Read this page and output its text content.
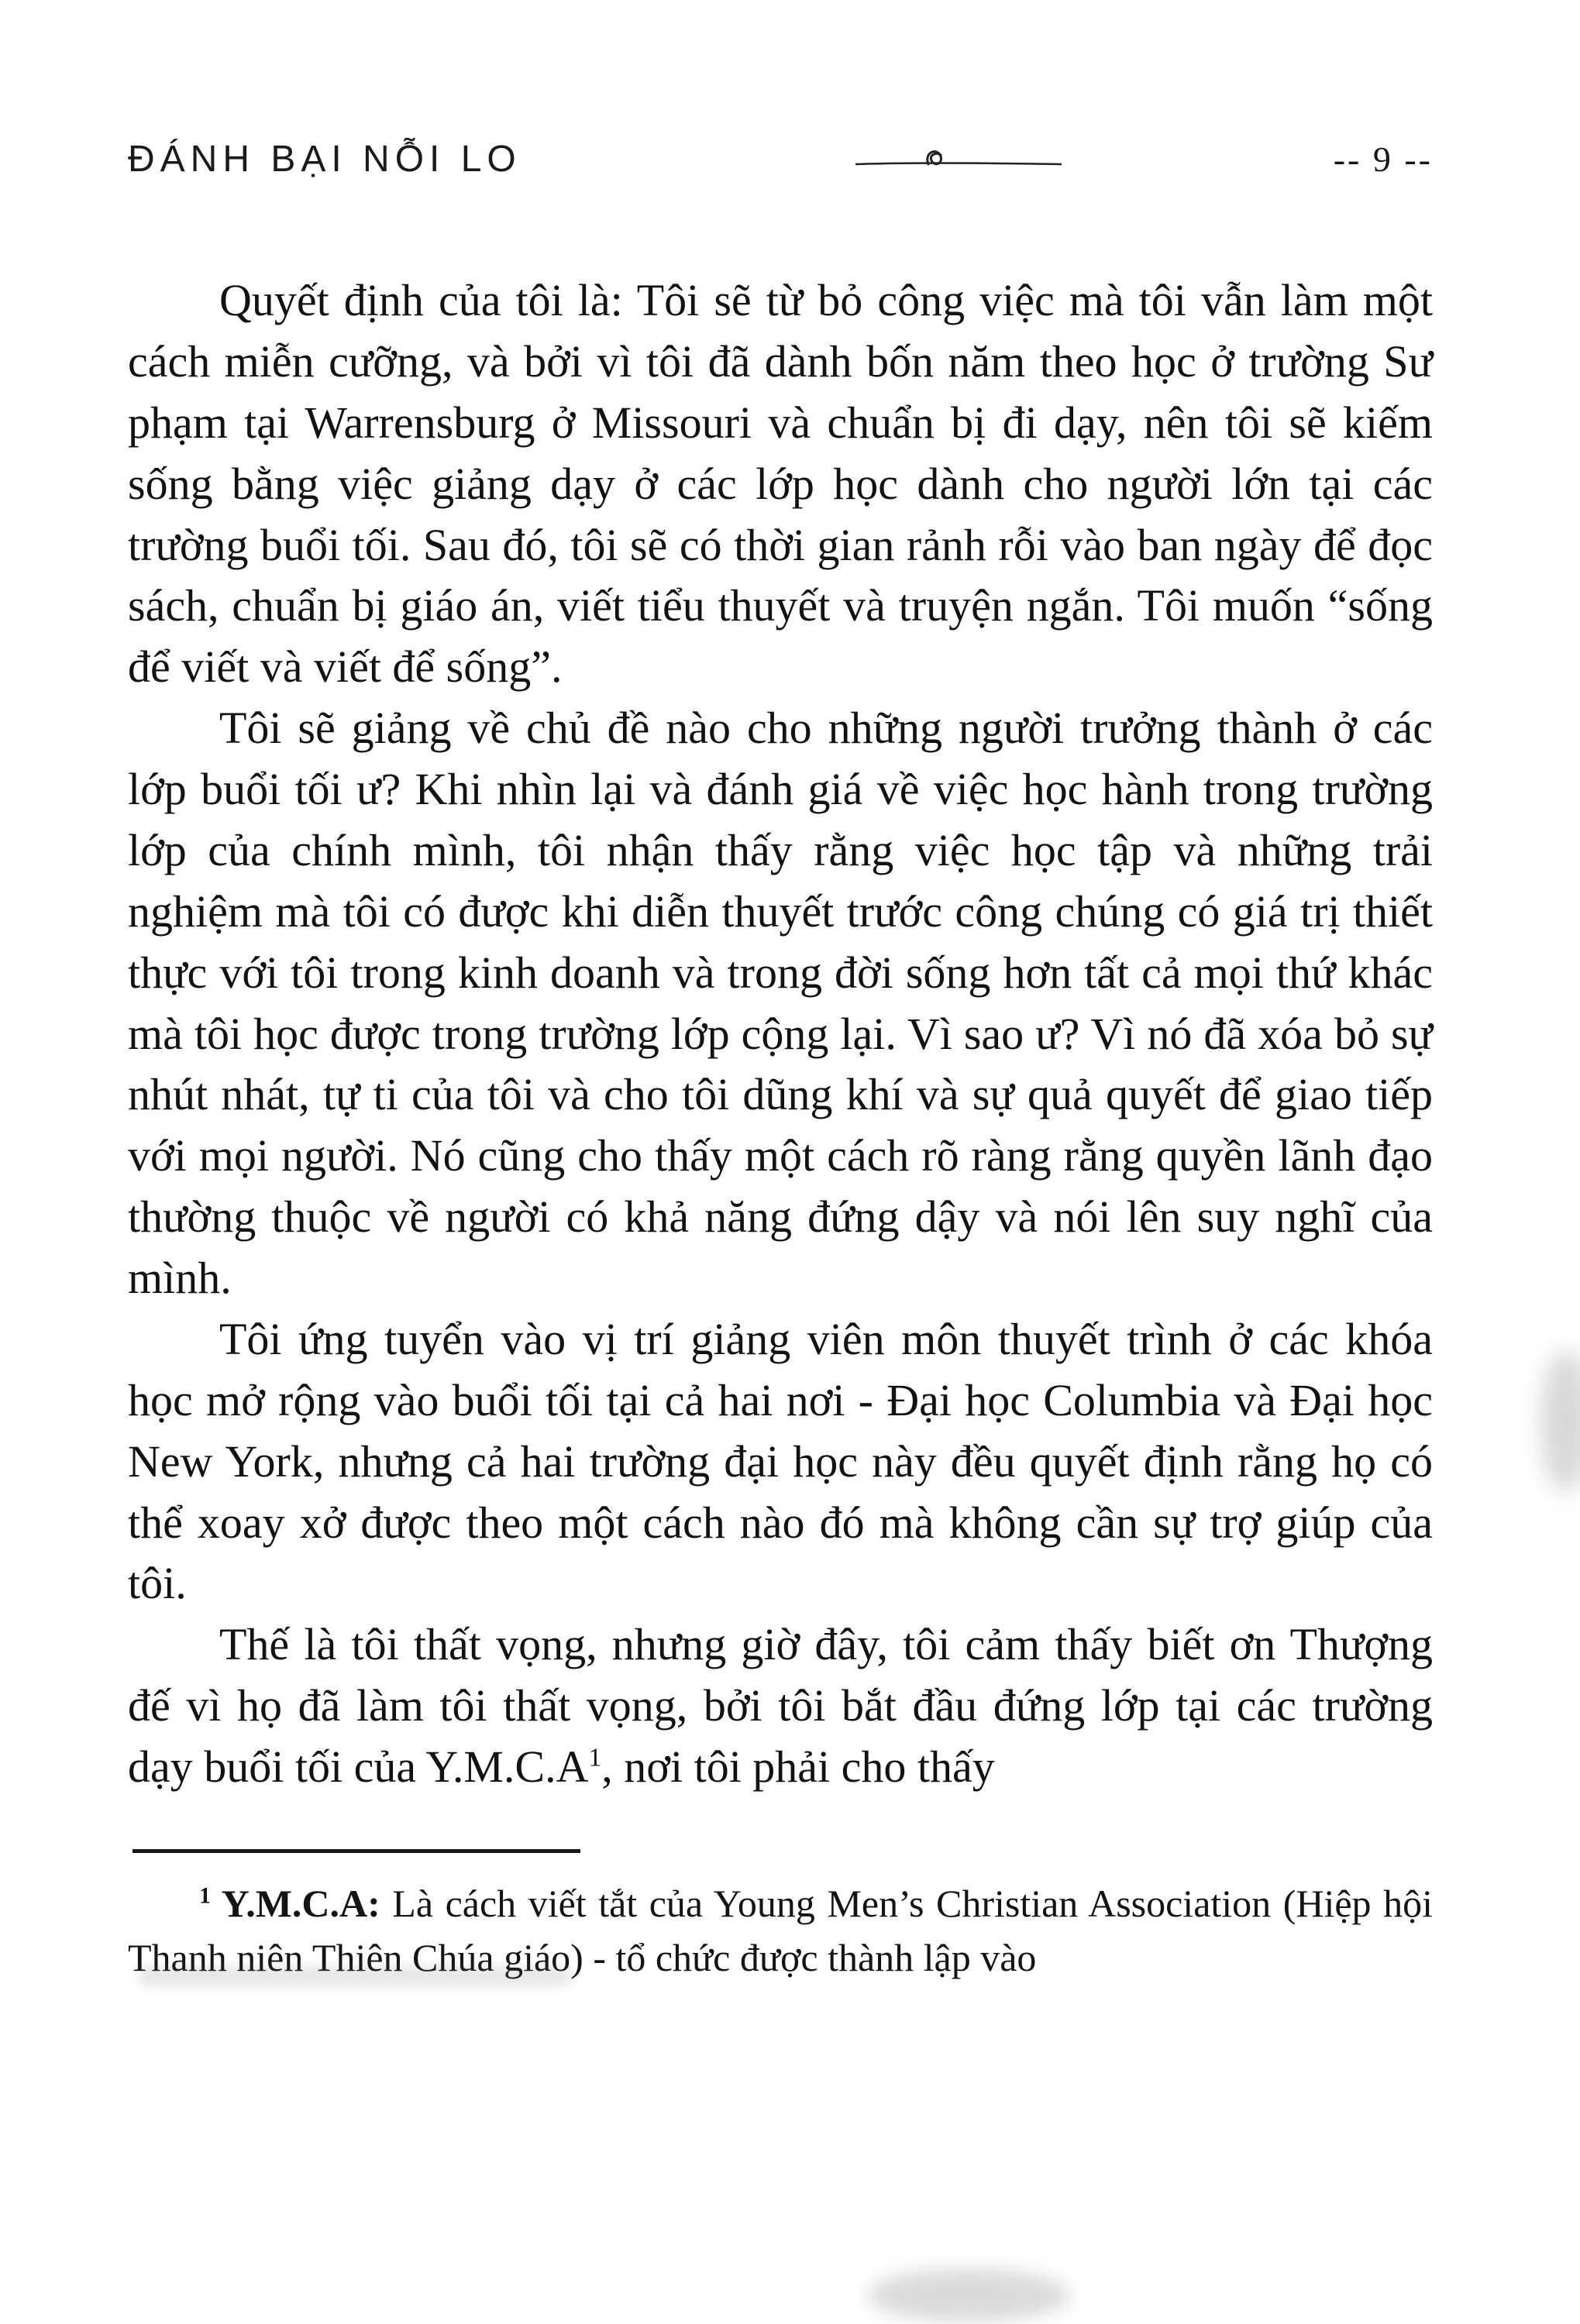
ĐÁNH BẠI NỖI LO	-- 9 --

Quyết định của tôi là: Tôi sẽ từ bỏ công việc mà tôi vẫn làm một cách miễn cưỡng, và bởi vì tôi đã dành bốn năm theo học ở trường Sư phạm tại Warrensburg ở Missouri và chuẩn bị đi dạy, nên tôi sẽ kiếm sống bằng việc giảng dạy ở các lớp học dành cho người lớn tại các trường buổi tối. Sau đó, tôi sẽ có thời gian rảnh rỗi vào ban ngày để đọc sách, chuẩn bị giáo án, viết tiểu thuyết và truyện ngắn. Tôi muốn “sống để viết và viết để sống”.

Tôi sẽ giảng về chủ đề nào cho những người trưởng thành ở các lớp buổi tối ư? Khi nhìn lại và đánh giá về việc học hành trong trường lớp của chính mình, tôi nhận thấy rằng việc học tập và những trải nghiệm mà tôi có được khi diễn thuyết trước công chúng có giá trị thiết thực với tôi trong kinh doanh và trong đời sống hơn tất cả mọi thứ khác mà tôi học được trong trường lớp cộng lại. Vì sao ư? Vì nó đã xóa bỏ sự nhút nhát, tự ti của tôi và cho tôi dũng khí và sự quả quyết để giao tiếp với mọi người. Nó cũng cho thấy một cách rõ ràng rằng quyền lãnh đạo thường thuộc về người có khả năng đứng dậy và nói lên suy nghĩ của mình.

Tôi ứng tuyển vào vị trí giảng viên môn thuyết trình ở các khóa học mở rộng vào buổi tối tại cả hai nơi - Đại học Columbia và Đại học New York, nhưng cả hai trường đại học này đều quyết định rằng họ có thể xoay xở được theo một cách nào đó mà không cần sự trợ giúp của tôi.

Thế là tôi thất vọng, nhưng giờ đây, tôi cảm thấy biết ơn Thượng đế vì họ đã làm tôi thất vọng, bởi tôi bắt đầu đứng lớp tại các trường dạy buổi tối của Y.M.C.A$^1$, nơi tôi phải cho thấy

$^1$ Y.M.C.A: Là cách viết tắt của Young Men’s Christian Association (Hiệp hội Thanh niên Thiên Chúa giáo) - tổ chức được thành lập vào
